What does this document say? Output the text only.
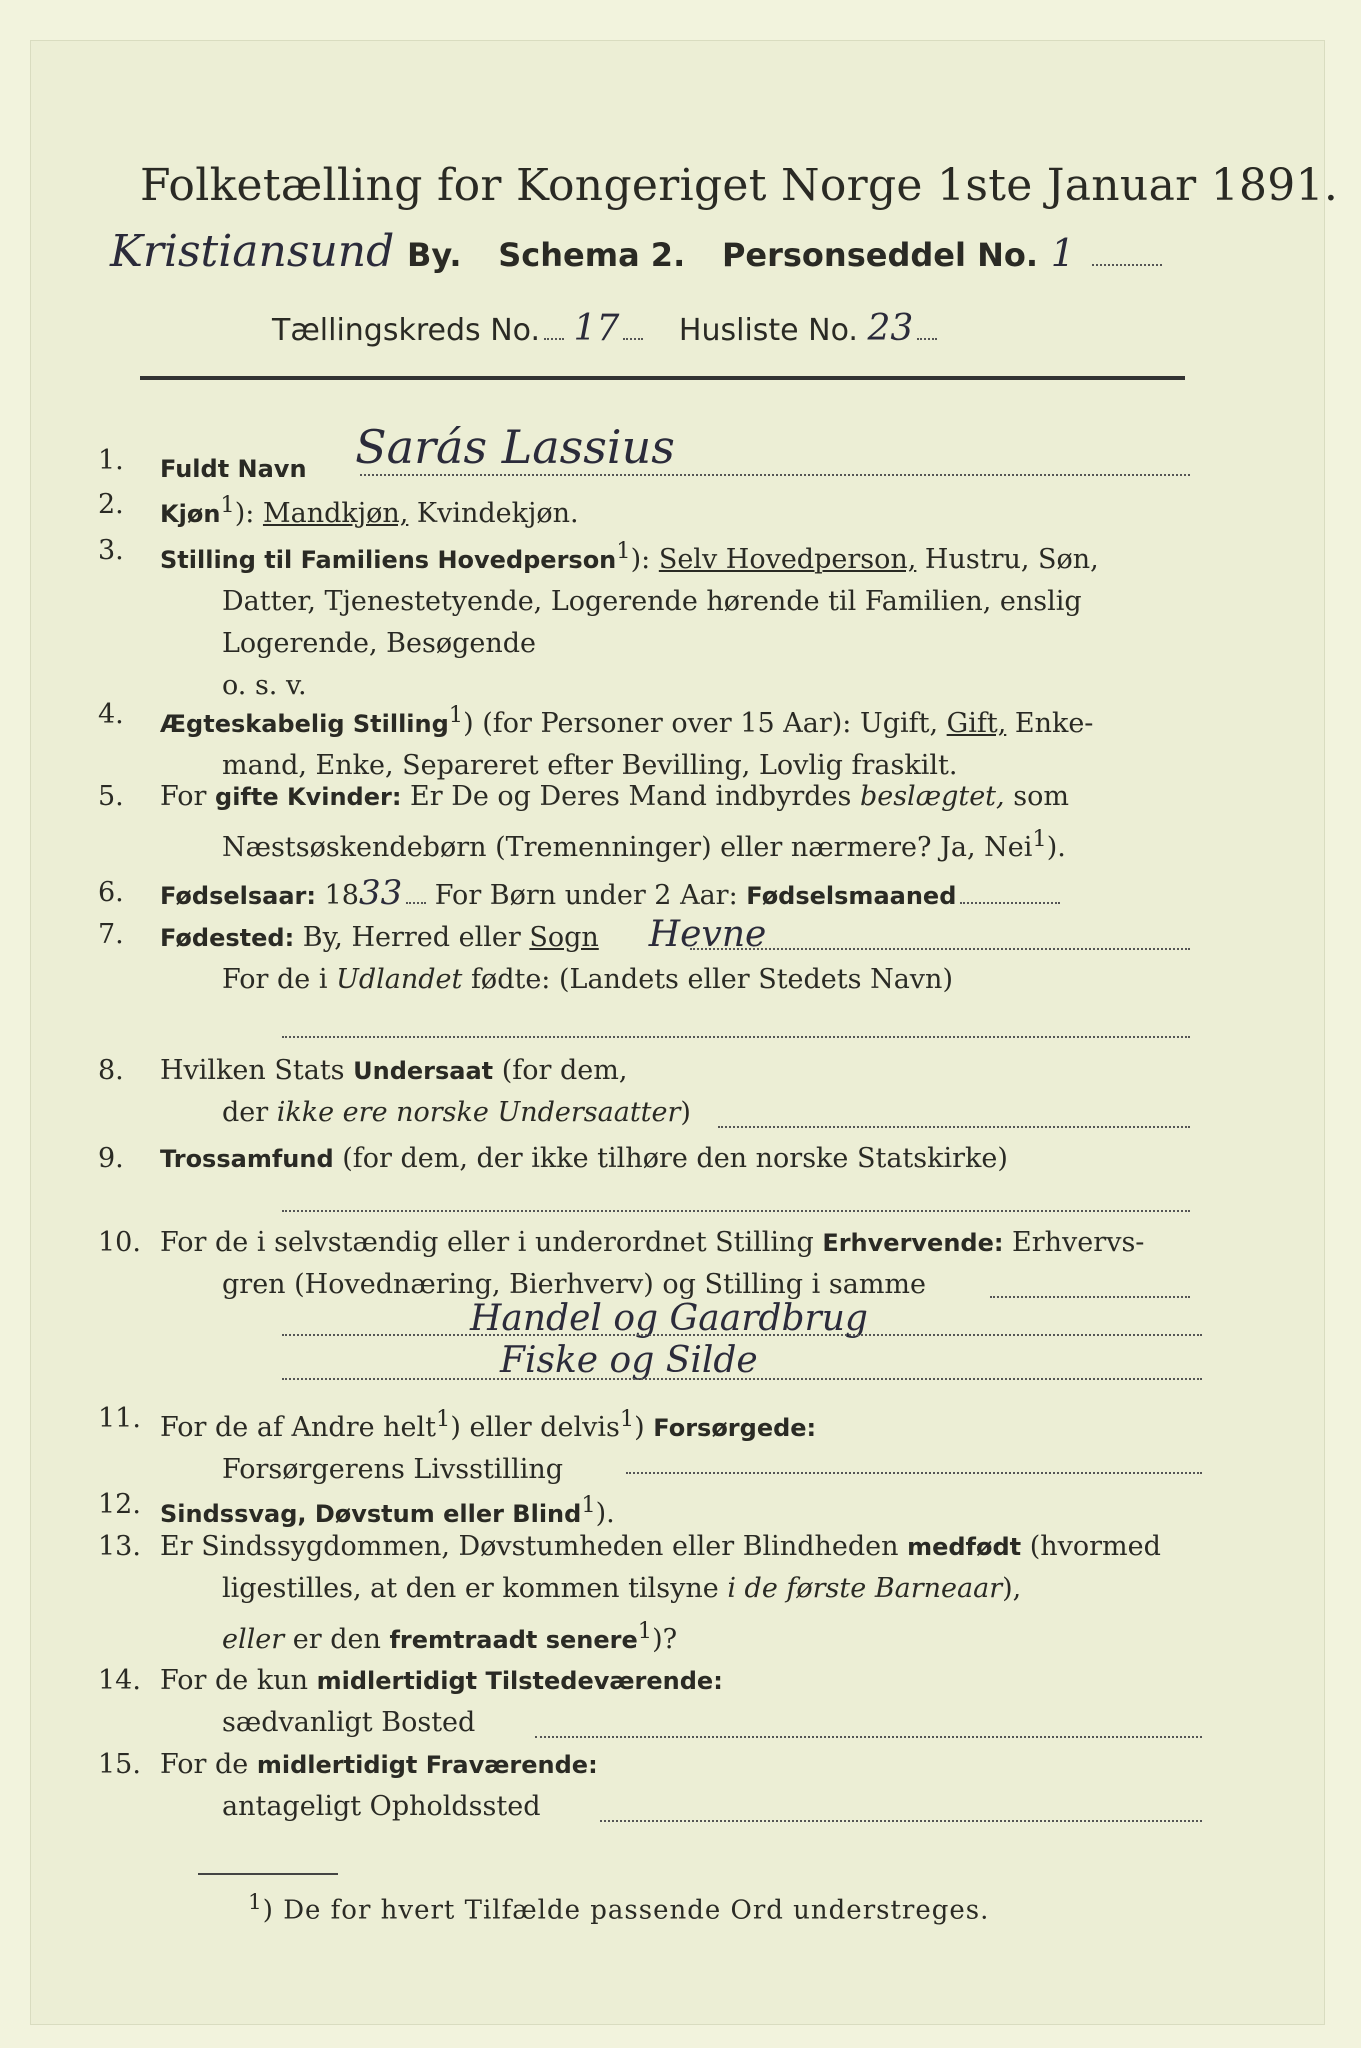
Folketælling for Kongeriget Norge 1ste Januar 1891.
Kristiansund By. Schema 2. Personseddel No. 1
Tællingskreds No. 17 Husliste No. 23
1.	Fuldt Navn Sarás Lassius
2.	Kjøn$^1$): Mandkjøn, Kvindekjøn.
3.	Stilling til Familiens Hovedperson$^1$): Selv Hovedperson, Hustru, Søn,
Datter, Tjenestetyende, Logerende hørende til Familien, enslig
Logerende, Besøgende
o. s. v.
4.	Ægteskabelig Stilling$^1$) (for Personer over 15 Aar): Ugift, Gift, Enke-
mand, Enke, Separeret efter Bevilling, Lovlig fraskilt.
5.	For gifte Kvinder: Er De og Deres Mand indbyrdes beslægtet, som
Næstsøskendebørn (Tremenninger) eller nærmere? Ja, Nei$^1$).
6.	Fødselsaar: 1833 For Børn under 2 Aar: Fødselsmaaned
7.	Fødested: By, Herred eller Sogn Hevne
For de i Udlandet fødte: (Landets eller Stedets Navn)
8.	Hvilken Stats Undersaat (for dem,
der ikke ere norske Undersaatter)
9.	Trossamfund (for dem, der ikke tilhøre den norske Statskirke)
10. For de i selvstændig eller i underordnet Stilling Erhvervende: Erhvervs-
gren (Hovednæring, Bierhverv) og Stilling i samme
Handel og Gaardbrug
Fiske og Silde
11. For de af Andre helt$^1$) eller delvis$^1$) Forsørgede:
Forsørgerens Livsstilling
12. Sindssvag, Døvstum eller Blind$^1$).
13. Er Sindssygdommen, Døvstumheden eller Blindheden medfødt (hvormed
ligestilles, at den er kommen tilsyne i de første Barneaar),
eller er den fremtraadt senere$^1$)?
14. For de kun midlertidigt Tilstedeværende:
sædvanligt Bosted
15. For de midlertidigt Fraværende:
antageligt Opholdssted
$^1$) De for hvert Tilfælde passende Ord understreges.
